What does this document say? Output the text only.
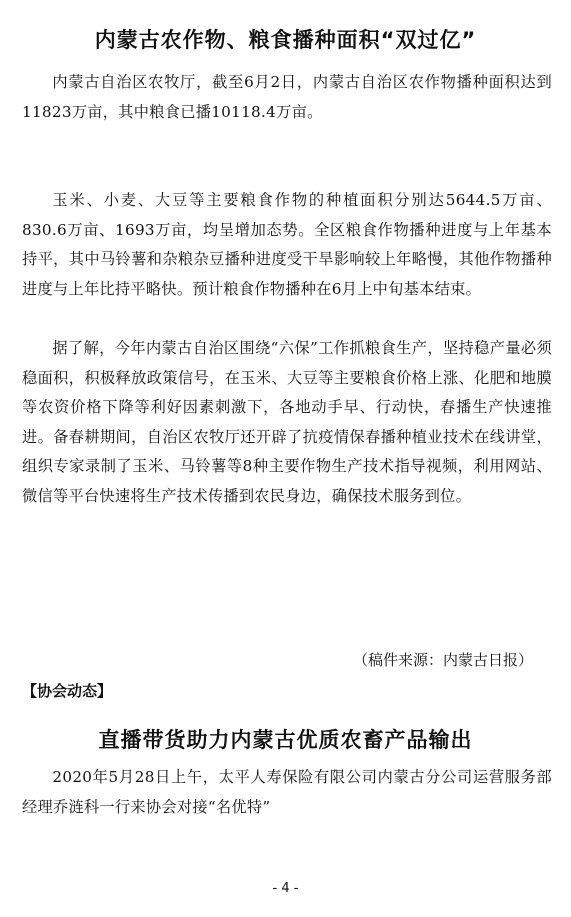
内蒙古农作物、粮食播种面积“双过亿”

内蒙古自治区农牧厅，截至6月2日，内蒙古自治区农作物播种面积达到11823万亩，其中粮食已播10118.4万亩。

玉米、小麦、大豆等主要粮食作物的种植面积分别达5644.5万亩、830.6万亩、1693万亩，均呈增加态势。全区粮食作物播种进度与上年基本持平，其中马铃薯和杂粮杂豆播种进度受干旱影响较上年略慢，其他作物播种进度与上年比持平略快。预计粮食作物播种在6月上中旬基本结束。

据了解，今年内蒙古自治区围绕“六保”工作抓粮食生产，坚持稳产量必须稳面积，积极释放政策信号，在玉米、大豆等主要粮食价格上涨、化肥和地膜等农资价格下降等利好因素刺激下，各地动手早、行动快，春播生产快速推进。备春耕期间，自治区农牧厅还开辟了抗疫情保春播种植业技术在线讲堂，组织专家录制了玉米、马铃薯等8种主要作物生产技术指导视频，利用网站、微信等平台快速将生产技术传播到农民身边，确保技术服务到位。

（稿件来源：内蒙古日报）

【协会动态】

直播带货助力内蒙古优质农畜产品输出

2020年5月28日上午，太平人寿保险有限公司内蒙古分公司运营服务部经理乔涟科一行来协会对接“名优特”

- 4 -
